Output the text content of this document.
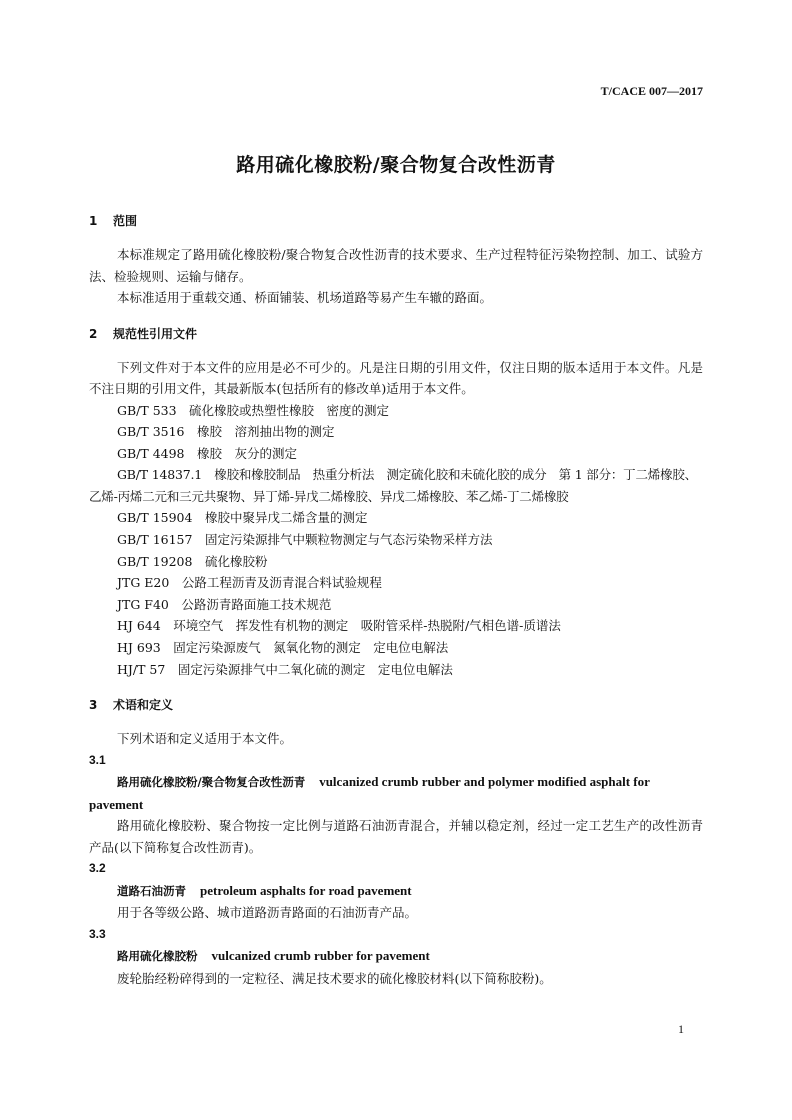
T/CACE 007—2017
路用硫化橡胶粉/聚合物复合改性沥青
1 范围

本标准规定了路用硫化橡胶粉/聚合物复合改性沥青的技术要求、生产过程特征污染物控制、加工、试验方法、检验规则、运输与储存。

本标准适用于重载交通、桥面铺装、机场道路等易产生车辙的路面。

2 规范性引用文件

下列文件对于本文件的应用是必不可少的。凡是注日期的引用文件，仅注日期的版本适用于本文件。凡是不注日期的引用文件，其最新版本(包括所有的修改单)适用于本文件。

GB/T 533　硫化橡胶或热塑性橡胶　密度的测定

GB/T 3516　橡胶　溶剂抽出物的测定

GB/T 4498　橡胶　灰分的测定

GB/T 14837.1　橡胶和橡胶制品　热重分析法　测定硫化胶和未硫化胶的成分　第 1 部分：丁二烯橡胶、乙烯-丙烯二元和三元共聚物、异丁烯-异戊二烯橡胶、异戊二烯橡胶、苯乙烯-丁二烯橡胶

GB/T 15904　橡胶中聚异戊二烯含量的测定

GB/T 16157　固定污染源排气中颗粒物测定与气态污染物采样方法

GB/T 19208　硫化橡胶粉

JTG E20　公路工程沥青及沥青混合料试验规程

JTG F40　公路沥青路面施工技术规范

HJ 644　环境空气　挥发性有机物的测定　吸附管采样-热脱附/气相色谱-质谱法

HJ 693　固定污染源废气　氮氧化物的测定　定电位电解法

HJ/T 57　固定污染源排气中二氧化硫的测定　定电位电解法

3 术语和定义

下列术语和定义适用于本文件。

3.1

路用硫化橡胶粉/聚合物复合改性沥青 vulcanized crumb rubber and polymer modified asphalt for pavement

路用硫化橡胶粉、聚合物按一定比例与道路石油沥青混合，并辅以稳定剂，经过一定工艺生产的改性沥青产品(以下简称复合改性沥青)。

3.2

道路石油沥青 petroleum asphalts for road pavement

用于各等级公路、城市道路沥青路面的石油沥青产品。

3.3

路用硫化橡胶粉 vulcanized crumb rubber for pavement

废轮胎经粉碎得到的一定粒径、满足技术要求的硫化橡胶材料(以下简称胶粉)。

1
